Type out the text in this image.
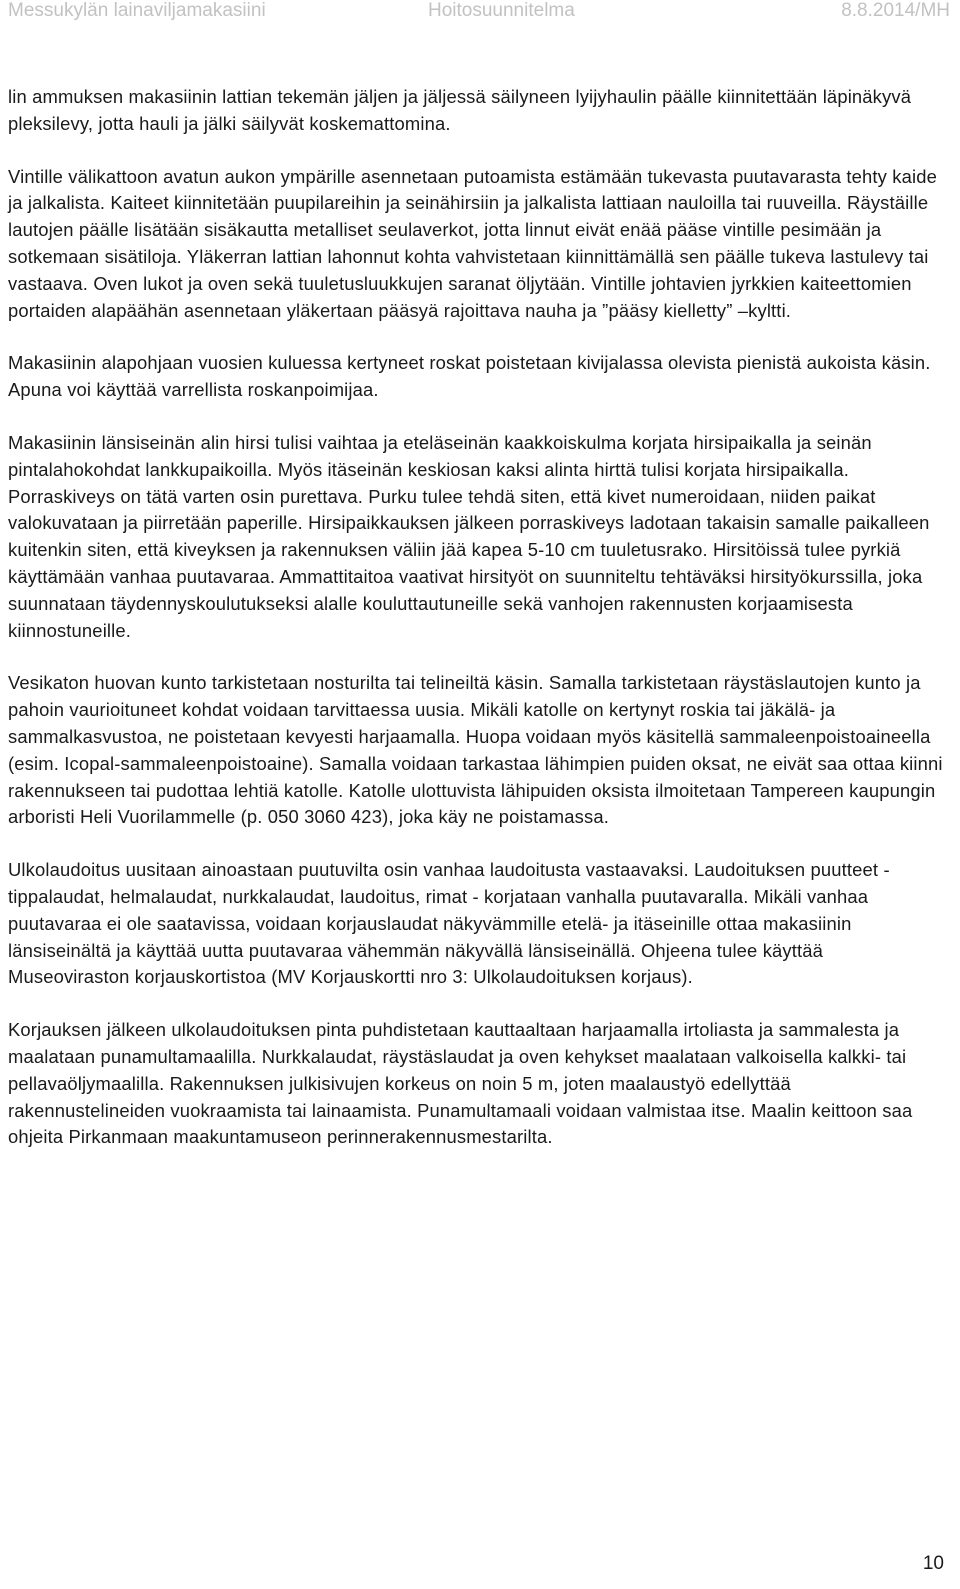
Messukylän lainaviljamakasiini	Hoitosuunnitelma	8.8.2014/MH

lin ammuksen makasiinin lattian tekemän jäljen ja jäljessä säilyneen lyijyhaulin päälle kiinnitettään läpinäkyvä pleksilevy, jotta hauli ja jälki säilyvät koskemattomina.

Vintille välikattoon avatun aukon ympärille asennetaan putoamista estämään tukevasta puutavarasta tehty kaide ja jalkalista. Kaiteet kiinnitetään puupilareihin ja seinähirsiin ja jalkalista lattiaan nauloilla tai ruuveilla. Räystäille lautojen päälle lisätään sisäkautta metalliset seulaverkot, jotta linnut eivät enää pääse vintille pesimään ja sotkemaan sisätiloja. Yläkerran lattian lahonnut kohta vahvistetaan kiinnittämällä sen päälle tukeva lastulevy tai vastaava. Oven lukot ja oven sekä tuuletusluukkujen saranat öljytään. Vintille johtavien jyrkkien kaiteettomien portaiden alapäähän asennetaan yläkertaan pääsyä rajoittava nauha ja ”pääsy kielletty” –kyltti.

Makasiinin alapohjaan vuosien kuluessa kertyneet roskat poistetaan kivijalassa olevista pienistä aukoista käsin. Apuna voi käyttää varrellista roskanpoimijaa.

Makasiinin länsiseinän alin hirsi tulisi vaihtaa ja eteläseinän kaakkoiskulma korjata hirsipaikalla ja seinän pintalahokohdat lankkupaikoilla. Myös itäseinän keskiosan kaksi alinta hirttä tulisi korjata hirsipaikalla. Porraskiveys on tätä varten osin purettava. Purku tulee tehdä siten, että kivet numeroidaan, niiden paikat valokuvataan ja piirretään paperille. Hirsipaikkauksen jälkeen porraskiveys ladotaan takaisin samalle paikalleen kuitenkin siten, että kiveyksen ja rakennuksen väliin jää kapea 5-10 cm tuuletusrako. Hirsitöissä tulee pyrkiä käyttämään vanhaa puutavaraa. Ammattitaitoa vaativat hirsityöt on suunniteltu tehtäväksi hirsityökurssilla, joka suunnataan täydennyskoulutukseksi alalle kouluttautuneille sekä vanhojen rakennusten korjaamisesta kiinnostuneille.

Vesikaton huovan kunto tarkistetaan nosturilta tai telineiltä käsin. Samalla tarkistetaan räystäslautojen kunto ja pahoin vaurioituneet kohdat voidaan tarvittaessa uusia. Mikäli katolle on kertynyt roskia tai jäkälä- ja sammalkasvustoa, ne poistetaan kevyesti harjaamalla. Huopa voidaan myös käsitellä sammaleenpoistoaineella (esim. Icopal-sammaleenpoistoaine). Samalla voidaan tarkastaa lähimpien puiden oksat, ne eivät saa ottaa kiinni rakennukseen tai pudottaa lehtiä katolle. Katolle ulottuvista lähipuiden oksista ilmoitetaan Tampereen kaupungin arboristi Heli Vuorilammelle (p. 050 3060 423), joka käy ne poistamassa.

Ulkolaudoitus uusitaan ainoastaan puutuvilta osin vanhaa laudoitusta vastaavaksi. Laudoituksen puutteet - tippalaudat, helmalaudat, nurkkalaudat, laudoitus, rimat - korjataan vanhalla puutavaralla. Mikäli vanhaa puutavaraa ei ole saatavissa, voidaan korjauslaudat näkyvämmille etelä- ja itäseinille ottaa makasiinin länsiseinältä ja käyttää uutta puutavaraa vähemmän näkyvällä länsiseinällä. Ohjeena tulee käyttää Museoviraston korjauskortistoa (MV Korjauskortti nro 3: Ulkolaudoituksen korjaus).

Korjauksen jälkeen ulkolaudoituksen pinta puhdistetaan kauttaaltaan harjaamalla irtoliasta ja sammalesta ja maalataan punamultamaalilla. Nurkkalaudat, räystäslaudat ja oven kehykset maalataan valkoisella kalkki- tai pellavaöljymaalilla. Rakennuksen julkisivujen korkeus on noin 5 m, joten maalaustyö edellyttää rakennustelineiden vuokraamista tai lainaamista. Punamultamaali voidaan valmistaa itse. Maalin keittoon saa ohjeita Pirkanmaan maakuntamuseon perinnerakennusmestarilta.

10
